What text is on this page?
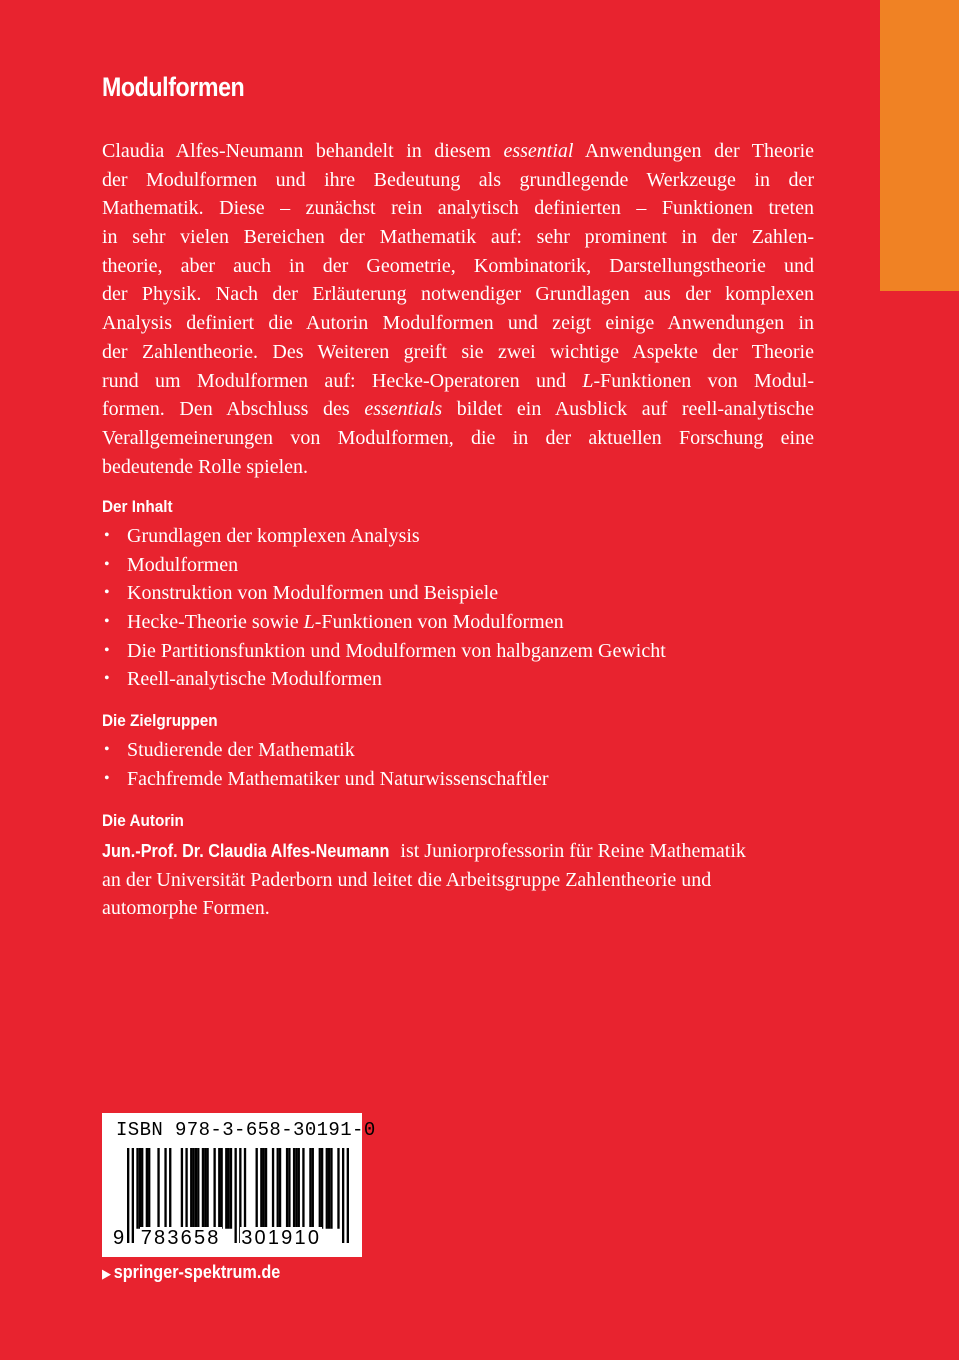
Modulformen
Claudia Alfes-Neumann behandelt in diesem essential Anwendungen der Theorie
der Modulformen und ihre Bedeutung als grundlegende Werkzeuge in der
Mathematik. Diese – zunächst rein analytisch definierten – Funktionen treten
in sehr vielen Bereichen der Mathematik auf: sehr prominent in der Zahlen-
theorie, aber auch in der Geometrie, Kombinatorik, Darstellungstheorie und
der Physik. Nach der Erläuterung notwendiger Grundlagen aus der komplexen
Analysis definiert die Autorin Modulformen und zeigt einige Anwendungen in
der Zahlentheorie. Des Weiteren greift sie zwei wichtige Aspekte der Theorie
rund um Modulformen auf: Hecke-Operatoren und L-Funktionen von Modul-
formen. Den Abschluss des essentials bildet ein Ausblick auf reell-analytische
Verallgemeinerungen von Modulformen, die in der aktuellen Forschung eine
bedeutende Rolle spielen.
Der Inhalt
• Grundlagen der komplexen Analysis
• Modulformen
• Konstruktion von Modulformen und Beispiele
• Hecke-Theorie sowie L-Funktionen von Modulformen
• Die Partitionsfunktion und Modulformen von halbganzem Gewicht
• Reell-analytische Modulformen
Die Zielgruppen
• Studierende der Mathematik
• Fachfremde Mathematiker und Naturwissenschaftler
Die Autorin
Jun.-Prof. Dr. Claudia Alfes-Neumann ist Juniorprofessorin für Reine Mathematik
an der Universität Paderborn und leitet die Arbeitsgruppe Zahlentheorie und
automorphe Formen.
ISBN 978-3-658-30191-0
9 783658 301910
▶ springer-spektrum.de
